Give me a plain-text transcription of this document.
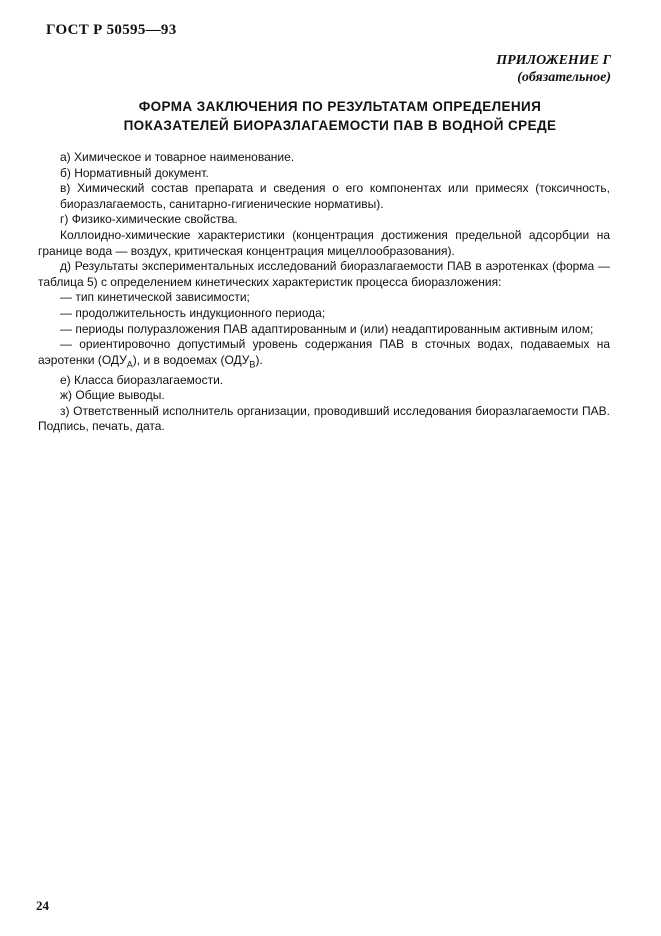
ГОСТ Р 50595—93
ПРИЛОЖЕНИЕ Г
(обязательное)
ФОРМА ЗАКЛЮЧЕНИЯ ПО РЕЗУЛЬТАТАМ ОПРЕДЕЛЕНИЯ
ПОКАЗАТЕЛЕЙ БИОРАЗЛАГАЕМОСТИ ПАВ В ВОДНОЙ СРЕДЕ

а) Химическое и товарное наименование.

б) Нормативный документ.

в) Химический состав препарата и сведения о его компонентах или примесях (токсичность, биоразлагаемость, санитарно-гигиенические нормативы).

г) Физико-химические свойства.

Коллоидно-химические характеристики (концентрация достижения предельной адсорбции на границе вода — воздух, критическая концентрация мицеллообразования).

д) Результаты экспериментальных исследований биоразлагаемости ПАВ в аэротенках (форма — таблица 5) с определением кинетических характеристик процесса биоразложения:

— тип кинетической зависимости;

— продолжительность индукционного периода;

— периоды полуразложения ПАВ адаптированным и (или) неадаптированным активным илом;

— ориентировочно допустимый уровень содержания ПАВ в сточных водах, подаваемых на аэротенки $(ОДУ_А)$, и в водоемах $(ОДУ_В)$.

е) Класса биоразлагаемости.

ж) Общие выводы.

з) Ответственный исполнитель организации, проводивший исследования биоразлагаемости ПАВ. Подпись, печать, дата.

24
